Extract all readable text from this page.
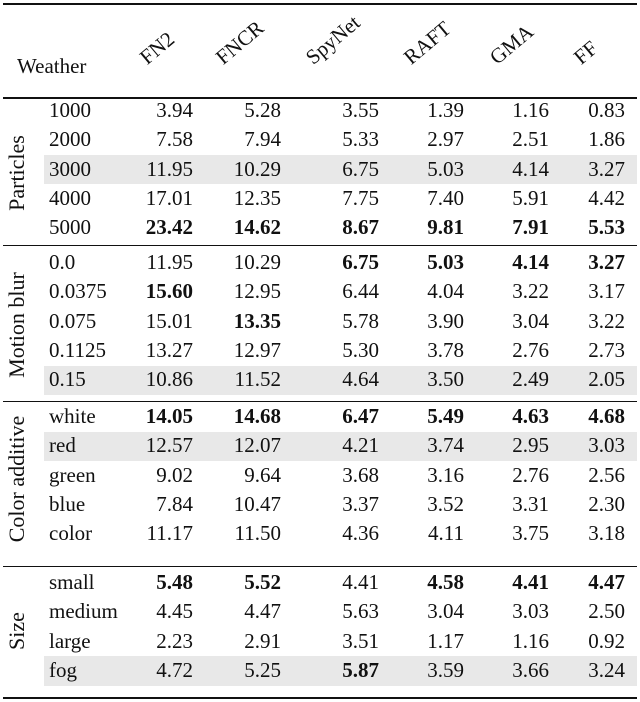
Weather FN2 FNCR SpyNet RAFT GMA FF
1000	3.94	5.28	3.55	1.39	1.16	0.83
2000	7.58	7.94	5.33	2.97	2.51	1.86
3000	11.95	10.29	6.75	5.03	4.14	3.27
4000	17.01	12.35	7.75	7.40	5.91	4.42
5000	23.42	14.62	8.67	9.81	7.91	5.53
Particles
0.0	11.95	10.29	6.75	5.03	4.14	3.27
0.0375	15.60	12.95	6.44	4.04	3.22	3.17
0.075	15.01	13.35	5.78	3.90	3.04	3.22
0.1125	13.27	12.97	5.30	3.78	2.76	2.73
0.15	10.86	11.52	4.64	3.50	2.49	2.05
Motion blur
white	14.05	14.68	6.47	5.49	4.63	4.68
red	12.57	12.07	4.21	3.74	2.95	3.03
green	9.02	9.64	3.68	3.16	2.76	2.56
blue	7.84	10.47	3.37	3.52	3.31	2.30
color	11.17	11.50	4.36	4.11	3.75	3.18
Color additive
small	5.48	5.52	4.41	4.58	4.41	4.47
medium	4.45	4.47	5.63	3.04	3.03	2.50
large	2.23	2.91	3.51	1.17	1.16	0.92
fog	4.72	5.25	5.87	3.59	3.66	3.24
Size
